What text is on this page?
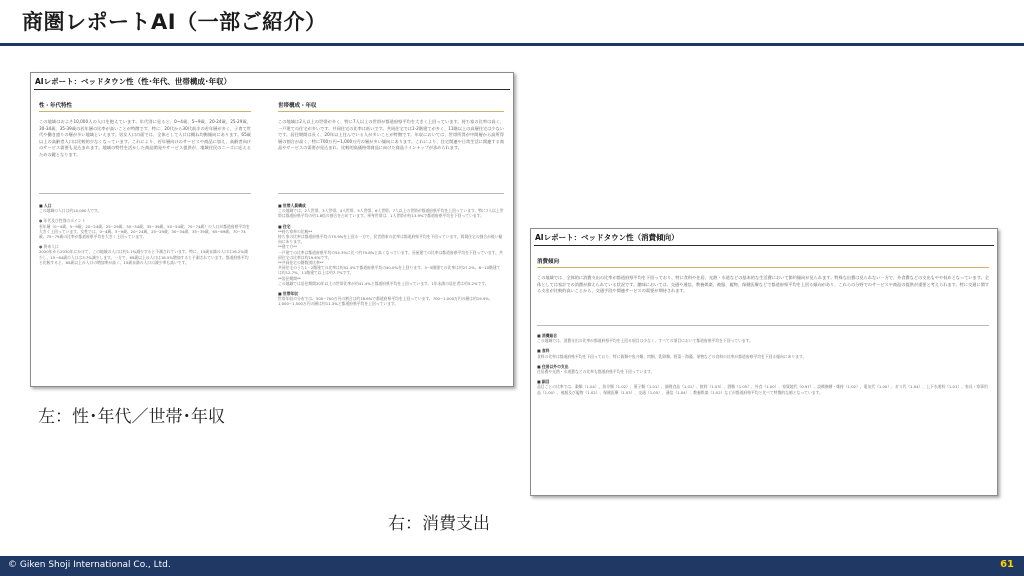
商圏レポートAI（一部ご紹介）
AIレポート：ベッドタウン性（性･年代、世帯構成･年収）
性・年代特性
この地域はおよそ10,000人の人口を抱えています。年代別に見ると、0~4歳、5~9歳、20-24歳、25-29歳、30-34歳、35-39歳の若年層の比率が高いことが特徴です。特に、20代から30代前半の若年層が多く、子育て世代や働き盛りの層が多い地域といえます。男女人口の面では、全体として人口は概ね均衡傾向にあります。65歳以上の高齢者人口は比較的少なくなっています。これにより、若年層向けのサービスや商品に加え、高齢者向けのサービス需要も見込まれます。地域の特性を活かした商品開発やサービス提供が、地域住民のニーズに応えるための鍵となります。
世帯構成・年収
この地域は2人以上の世帯が多く、特に7人以上の世帯が都道府県平均を大きく上回っています。持ち家の比率は高く、一戸建ての住宅が多いです。共同住宅の比率は低いです。共同住宅では1-2階建てが多く、11階以上の高層住宅は少ないです。居住期間は長く、20年以上住んでいる人が多いことが特徴です。年収においては、世帯所得が中間層から高所得層の割合が高く、特に700万円~1,000万円の層が多い傾向にあります。これにより、住宅関連や日常生活に関連する商品やサービスの需要が見込まれ、比較的高価格帯商品に向けた商品ラインナップが求められます。
■ 人口
この地域の人口は約10,000人です。
● 年代及び性別のポイント
若年層（0~4歳、5~9歳、20~24歳、25~29歳、30~34歳、35~39歳、50~54歳、70~74歳）の人口が都道府県平均を大きく上回っています。女性では、0~4歳、5~9歳、20~24歳、25~29歳、30~34歳、35~39歳、65~69歳、70~74歳、75~79歳の比率が都道府県平均を大きく上回っています。
● 将来人口
2020年から2030年にかけて、この地域の人口は約1.1%減少すると予測されています。特に、15歳未満の人口は16.2%減少し、15~64歳の人口は3.7%減少します。一方で、65歳以上の人口は18.5%増加すると予測されています。都道府県平均と比較すると、65歳以上の人口の増加率が高く、15歳未満の人口の減少率も高いです。
■ 世帯人員構成
この地域では、2人世帯、3人世帯、4人世帯、5人世帯、6人世帯、7人以上の世帯が都道府県平均を上回っています。特に7人以上世帯は都道府県平均の約1.8倍の割合を占めています。単身世帯は、1人世帯が約13.9%で都道府県平均を下回っています。
■ 住宅
**持ち家率の比較**
持ち家の比率は都道府県平均の75.9%を上回る一方で、民営借家の比率は都道府県平均を下回っています。賃貸住宅の割合が低い傾向にあります。
**建て方**
一戸建ての比率は都道府県平均の54.3%に比べ約79.8%と高くなっています。長屋建ての比率は都道府県平均を下回っています。共同住宅の比率は約19.6%です。
**共同住宅の階数別比率**
共同住宅のうち1・2階建ての比率は約52.4%で都道府県平均の40.0%を上回ります。3~5階建ての比率は約27.2%、6~10階建ては約12.7%、11階建て以上は約7.7%です。
**居住期間**
この地域では居住期間20年以上の世帯比率が約41.4%と都道府県平均を上回っています。1年未満の居住者は約5.2%です。
■ 世帯年収
世帯年収の分布では、500~700万円の割合は約18.6%で都道府県平均を上回っています。700~1,000万円の層は約19.9%、1,000~1,500万円の層は約11.3%と都道府県平均を上回っています。
AIレポート：ベッドタウン性（消費傾向）
消費傾向
この地域では、全体的に消費支出の比率が都道府県平均を下回っており、特に食料や住居、光熱・水道などの基本的な生活費において節約傾向が見られます。特殊な出費は見られない一方で、外食費などの支出もやや低めとなっています。全体としては家計での消費が抑えられている状況です。趣味においては、交通や通信、教養娯楽、被服、履物、保健医療などで都道府県平均を上回る傾向があり、これらの分野でのサービスや商品の提供が重要と考えられます。特に交通に関する支出が比較的高いことから、交通手段や関連サービスの需要が期待されます。
■ 消費総合
この地域では、消費支出の比率が都道府県平均を上回る項目は少なく、すべての項目において都道府県平均を下回っています。
■ 食料
食料の比率は都道府県平均を下回っており、特に穀類や魚介類、肉類、乳卵類、野菜・海藻、果物などの食料の比率が都道府県平均を下回る傾向にあります。
■ 住居以外の支出
住居費や光熱・水道費などの比率も都道府県平均を下回っています。
■ 細目
品目ごとの比率では、穀類（1.04）、魚介類（1.02）、菓子類（1.01）、調理食品（1.01）、飲料（1.03）、酒類（1.05）、外食（1.00）、家賃地代（0.97）、設備修繕・維持（1.02）、電気代（1.00）、ガス代（1.04）、上下水道料（1.01）、家具・家事用品（1.00）、被服及び履物（1.02）、保健医療（1.03）、交通（1.05）、通信（1.04）、教養娯楽（1.02）などが都道府県平均と比べて特徴的な値となっています。
左：性･年代／世帯･年収
右：消費支出
© Giken Shoji International Co., Ltd.	61
